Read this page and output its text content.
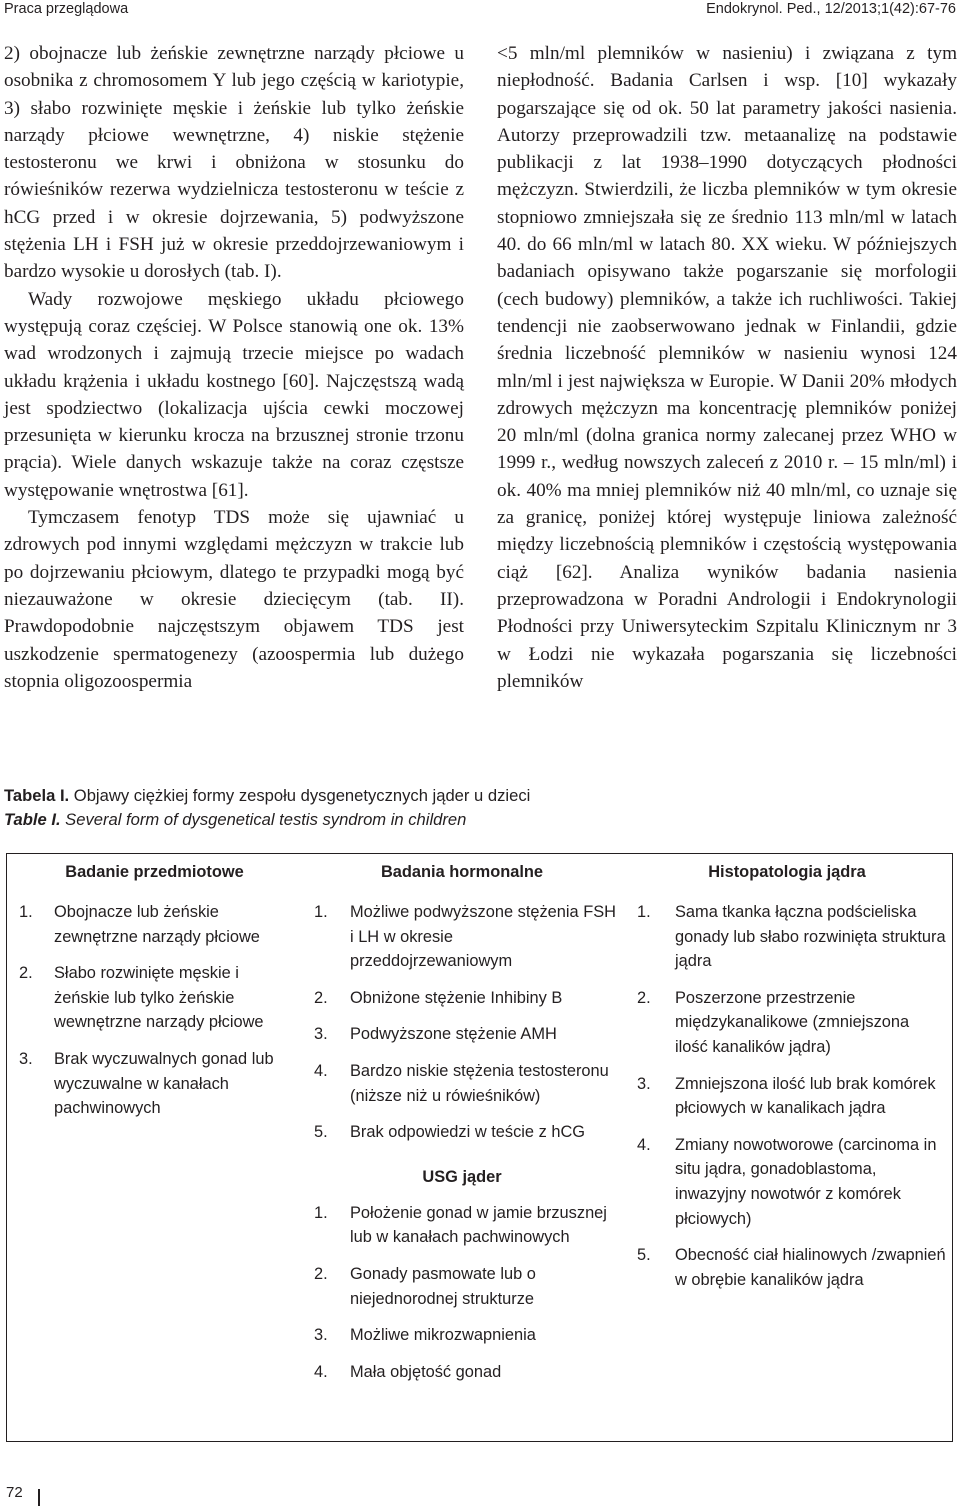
Praca przeglądowa	Endokrynol. Ped., 12/2013;1(42):67-76

2) obojnacze lub żeńskie zewnętrzne narządy płciowe u osobnika z chromosomem Y lub jego częścią w kariotypie, 3) słabo rozwinięte męskie i żeńskie lub tylko żeńskie narządy płciowe wewnętrzne, 4) niskie stężenie testosteronu we krwi i obniżona w stosunku do rówieśników rezerwa wydzielnicza testosteronu w teście z hCG przed i w okresie dojrzewania, 5) podwyższone stężenia LH i FSH już w okresie przeddojrzewaniowym i bardzo wysokie u dorosłych (tab. I).

Wady rozwojowe męskiego układu płciowego występują coraz częściej. W Polsce stanowią one ok. 13% wad wrodzonych i zajmują trzecie miejsce po wadach układu krążenia i układu kostnego [60]. Najczęstszą wadą jest spodziectwo (lokalizacja ujścia cewki moczowej przesunięta w kierunku krocza na brzusznej stronie trzonu prącia). Wiele danych wskazuje także na coraz częstsze występowanie wnętrostwa [61].

Tymczasem fenotyp TDS może się ujawniać u zdrowych pod innymi względami mężczyzn w trakcie lub po dojrzewaniu płciowym, dlatego te przypadki mogą być niezauważone w okresie dziecięcym (tab. II). Prawdopodobnie najczęstszym objawem TDS jest uszkodzenie spermatogenezy (azoospermia lub dużego stopnia oligozoospermia

<5 mln/ml plemników w nasieniu) i związana z tym niepłodność. Badania Carlsen i wsp. [10] wykazały pogarszające się od ok. 50 lat parametry jakości nasienia. Autorzy przeprowadzili tzw. metaanalizę na podstawie publikacji z lat 1938–1990 dotyczących płodności mężczyzn. Stwierdzili, że liczba plemników w tym okresie stopniowo zmniejszała się ze średnio 113 mln/ml w latach 40. do 66 mln/ml w latach 80. XX wieku. W późniejszych badaniach opisywano także pogarszanie się morfologii (cech budowy) plemników, a także ich ruchliwości. Takiej tendencji nie zaobserwowano jednak w Finlandii, gdzie średnia liczebność plemników w nasieniu wynosi 124 mln/ml i jest największa w Europie. W Danii 20% młodych zdrowych mężczyzn ma koncentrację plemników poniżej 20 mln/ml (dolna granica normy zalecanej przez WHO w 1999 r., według nowszych zaleceń z 2010 r. – 15 mln/ml) i ok. 40% ma mniej plemników niż 40 mln/ml, co uznaje się za granicę, poniżej której występuje liniowa zależność między liczebnością plemników i częstością występowania ciąż [62]. Analiza wyników badania nasienia przeprowadzona w Poradni Andrologii i Endokrynologii Płodności przy Uniwersyteckim Szpitalu Klinicznym nr 3 w Łodzi nie wykazała pogarszania się liczebności plemników

Tabela I. Objawy ciężkiej formy zespołu dysgenetycznych jąder u dzieci
Table I. Several form of dysgenetical testis syndrom in children
Badanie przedmiotowe
1. Obojnacze lub żeńskie zewnętrzne narządy płciowe
2. Słabo rozwinięte męskie i żeńskie lub tylko żeńskie wewnętrzne narządy płciowe
3. Brak wyczuwalnych gonad lub wyczuwalne w kanałach pachwinowych
Badania hormonalne
1. Możliwe podwyższone stężenia FSH i LH w okresie przeddojrzewaniowym
2. Obniżone stężenie Inhibiny B
3. Podwyższone stężenie AMH
4. Bardzo niskie stężenia testosteronu (niższe niż u rówieśników)
5. Brak odpowiedzi w teście z hCG
USG jąder
1. Położenie gonad w jamie brzusznej lub w kanałach pachwinowych
2. Gonady pasmowate lub o niejednorodnej strukturze
3. Możliwe mikrozwapnienia
4. Mała objętość gonad
Histopatologia jądra
1. Sama tkanka łączna podścieliska gonady lub słabo rozwinięta struktura jądra
2. Poszerzone przestrzenie międzykanalikowe (zmniejszona ilość kanalików jądra)
3. Zmniejszona ilość lub brak komórek płciowych w kanalikach jądra
4. Zmiany nowotworowe (carcinoma in situ jądra, gonadoblastoma, inwazyjny nowotwór z komórek płciowych)
5. Obecność ciał hialinowych /zwapnień w obrębie kanalików jądra
72
